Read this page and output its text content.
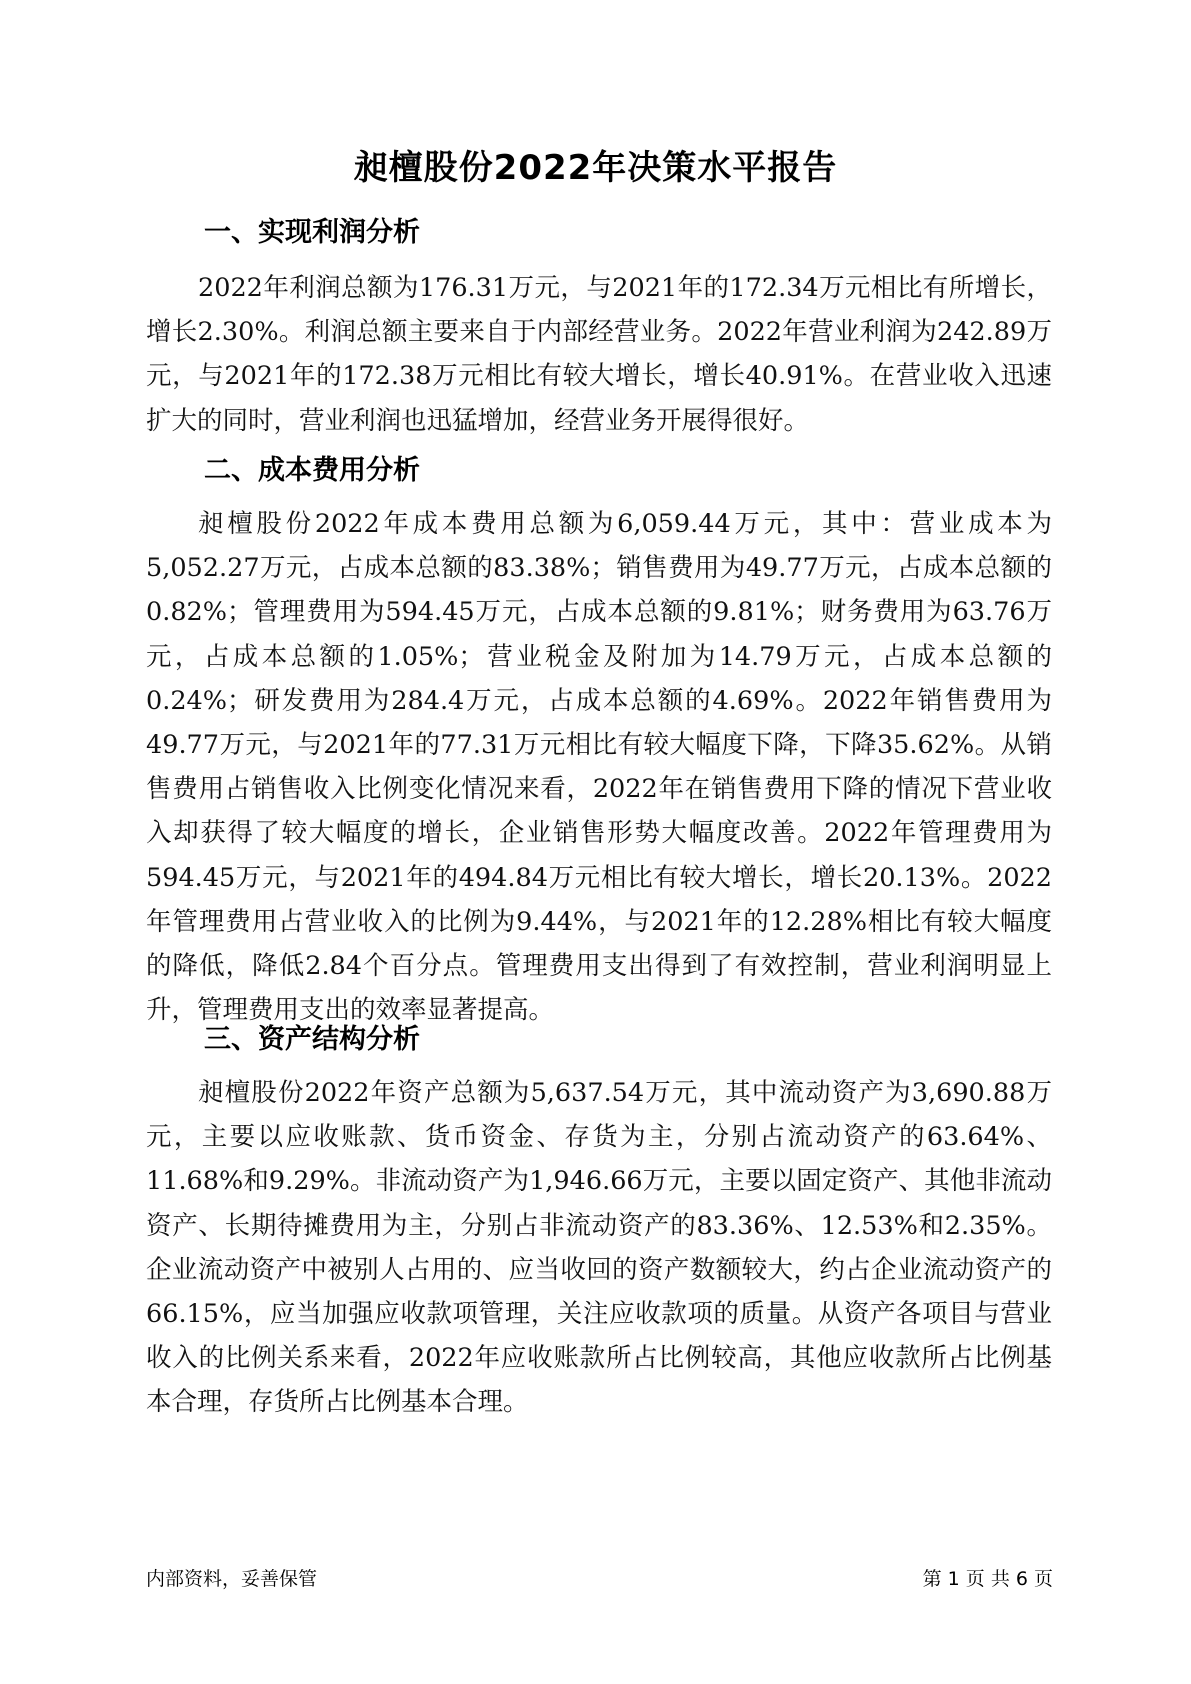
昶檀股份2022年决策水平报告
一、实现利润分析

2022年利润总额为176.31万元，与2021年的172.34万元相比有所增长，增长2.30%。利润总额主要来自于内部经营业务。2022年营业利润为242.89万元，与2021年的172.38万元相比有较大增长，增长40.91%。在营业收入迅速扩大的同时，营业利润也迅猛增加，经营业务开展得很好。

二、成本费用分析

昶檀股份2022年成本费用总额为6,059.44万元，其中：营业成本为5,052.27万元，占成本总额的83.38%；销售费用为49.77万元，占成本总额的0.82%；管理费用为594.45万元，占成本总额的9.81%；财务费用为63.76万元，占成本总额的1.05%；营业税金及附加为14.79万元，占成本总额的0.24%；研发费用为284.4万元，占成本总额的4.69%。2022年销售费用为49.77万元，与2021年的77.31万元相比有较大幅度下降，下降35.62%。从销售费用占销售收入比例变化情况来看，2022年在销售费用下降的情况下营业收入却获得了较大幅度的增长，企业销售形势大幅度改善。2022年管理费用为594.45万元，与2021年的494.84万元相比有较大增长，增长20.13%。2022年管理费用占营业收入的比例为9.44%，与2021年的12.28%相比有较大幅度的降低，降低2.84个百分点。管理费用支出得到了有效控制，营业利润明显上升，管理费用支出的效率显著提高。

三、资产结构分析

昶檀股份2022年资产总额为5,637.54万元，其中流动资产为3,690.88万元，主要以应收账款、货币资金、存货为主，分别占流动资产的63.64%、11.68%和9.29%。非流动资产为1,946.66万元，主要以固定资产、其他非流动资产、长期待摊费用为主，分别占非流动资产的83.36%、12.53%和2.35%。企业流动资产中被别人占用的、应当收回的资产数额较大，约占企业流动资产的66.15%，应当加强应收款项管理，关注应收款项的质量。从资产各项目与营业收入的比例关系来看，2022年应收账款所占比例较高，其他应收款所占比例基本合理，存货所占比例基本合理。

内部资料，妥善保管	第 1 页 共 6 页
